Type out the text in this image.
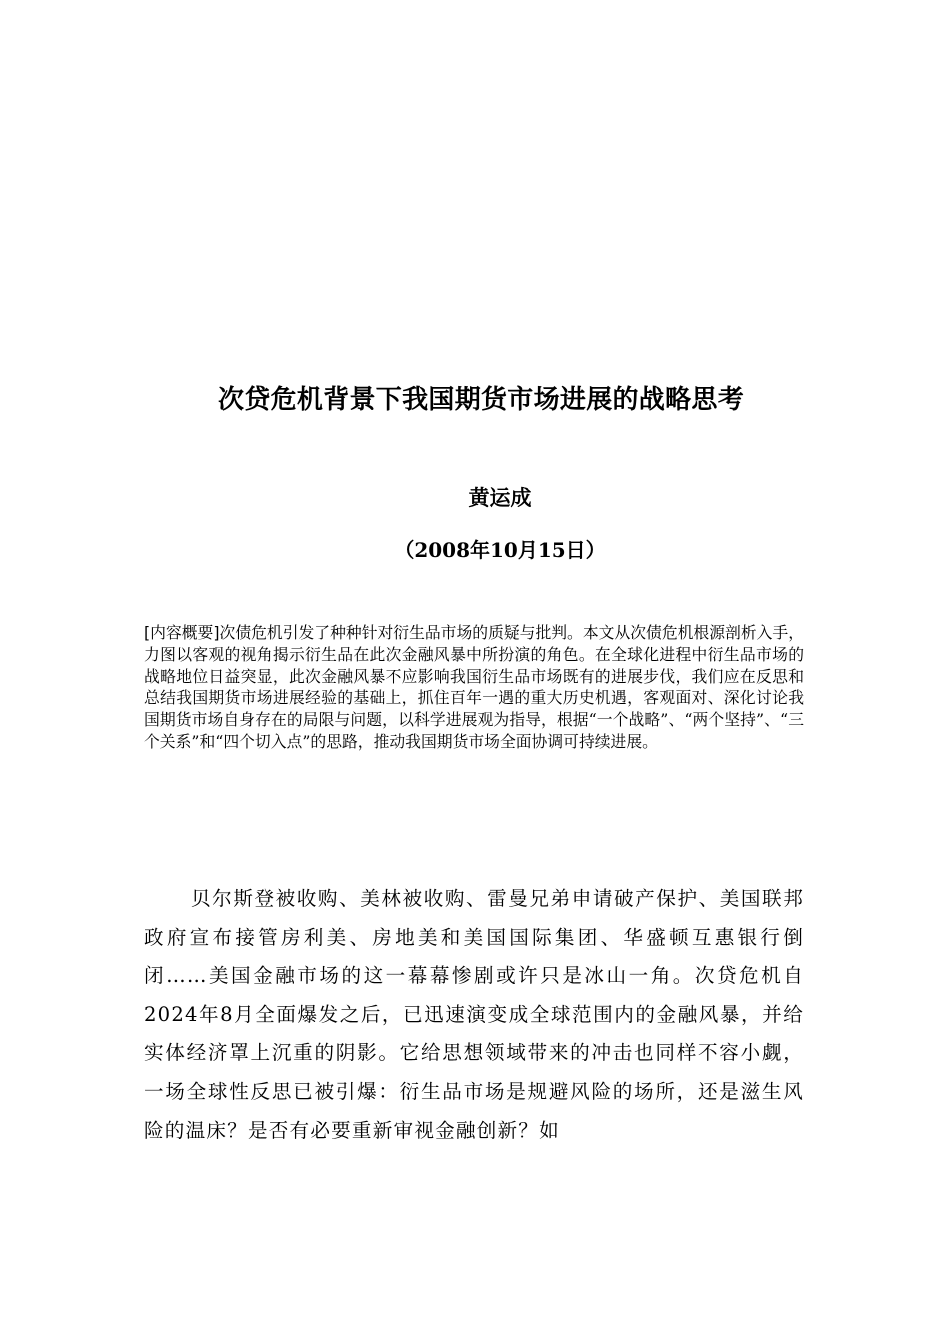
次贷危机背景下我国期货市场进展的战略思考
黄运成
（2008年10月15日）
[内容概要]次债危机引发了种种针对衍生品市场的质疑与批判。本文从次债危机根源剖析入手，力图以客观的视角揭示衍生品在此次金融风暴中所扮演的角色。在全球化进程中衍生品市场的战略地位日益突显，此次金融风暴不应影响我国衍生品市场既有的进展步伐，我们应在反思和总结我国期货市场进展经验的基础上，抓住百年一遇的重大历史机遇，客观面对、深化讨论我国期货市场自身存在的局限与问题，以科学进展观为指导，根据“一个战略”、“两个坚持”、“三个关系”和“四个切入点”的思路，推动我国期货市场全面协调可持续进展。

贝尔斯登被收购、美林被收购、雷曼兄弟申请破产保护、美国联邦政府宣布接管房利美、房地美和美国国际集团、华盛顿互惠银行倒闭……美国金融市场的这一幕幕惨剧或许只是冰山一角。次贷危机自2024年8月全面爆发之后，已迅速演变成全球范围内的金融风暴，并给实体经济罩上沉重的阴影。它给思想领域带来的冲击也同样不容小觑，一场全球性反思已被引爆：衍生品市场是规避风险的场所，还是滋生风险的温床？是否有必要重新审视金融创新？如
